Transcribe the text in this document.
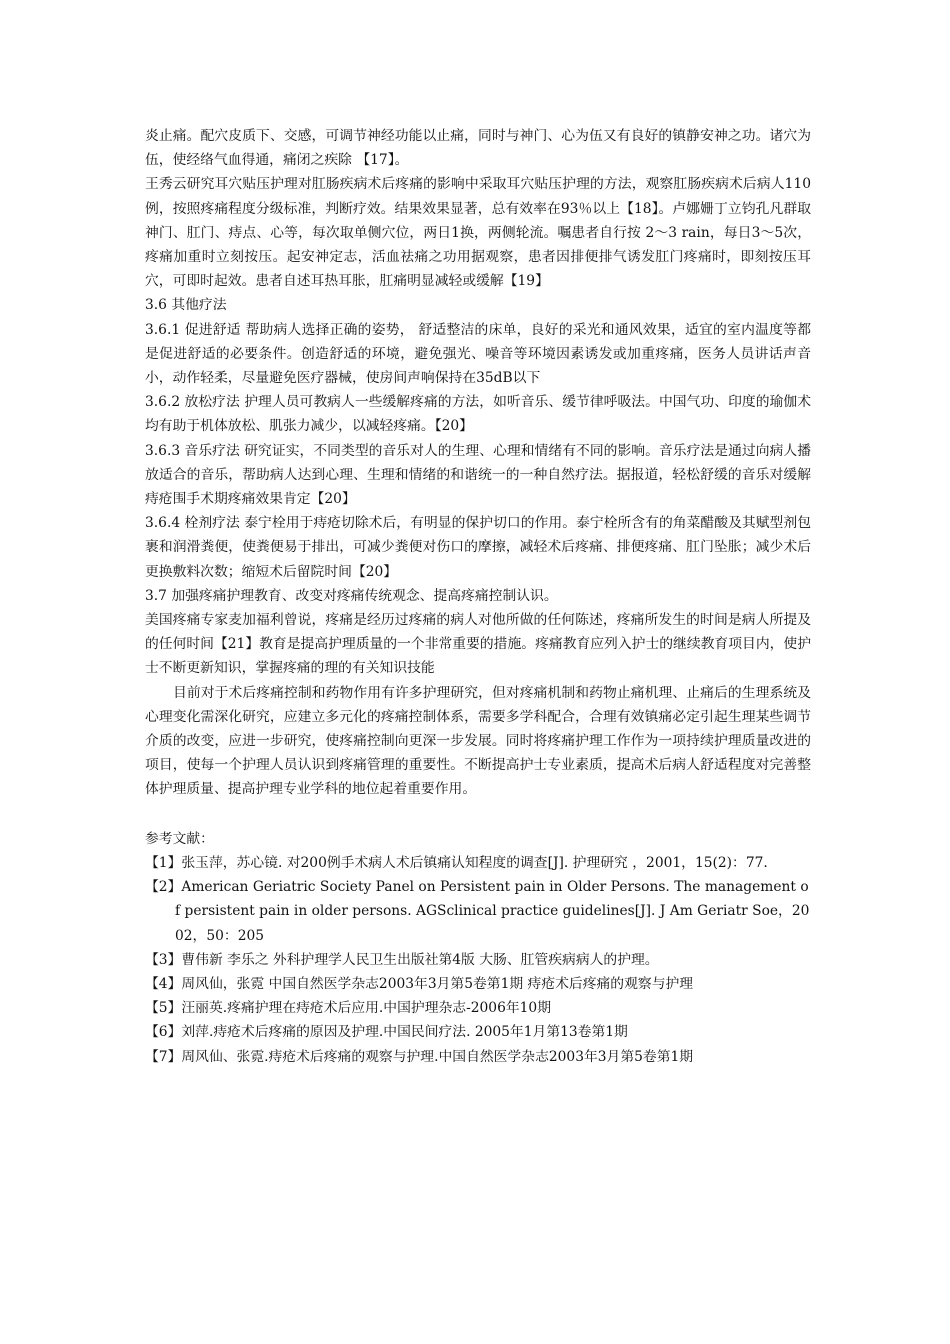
炎止痛。配穴皮质下、交感，可调节神经功能以止痛，同时与神门、心为伍又有良好的镇静安神之功。诸穴为伍，使经络气血得通，痛闭之疾除 【17】。

王秀云研究耳穴贴压护理对肛肠疾病术后疼痛的影响中采取耳穴贴压护理的方法，观察肛肠疾病术后病人110例，按照疼痛程度分级标准，判断疗效。结果效果显著，总有效率在93％以上【18】。卢娜姗丁立钧孔凡群取神门、肛门、痔点、心等，每次取单侧穴位，两日1换，两侧轮流。嘱患者自行按 2～3 rain，每日3～5次，疼痛加重时立刻按压。起安神定志，活血祛痛之功用据观察，患者因排便排气诱发肛门疼痛时，即刻按压耳穴，可即时起效。患者自述耳热耳胀，肛痛明显减轻或缓解【19】

3.6 其他疗法

3.6.1 促进舒适 帮助病人选择正确的姿势， 舒适整洁的床单，良好的采光和通风效果，适宜的室内温度等都是促进舒适的必要条件。创造舒适的环境，避免强光、噪音等环境因素诱发或加重疼痛，医务人员讲话声音小，动作轻柔，尽量避免医疗器械，使房间声响保持在35dB以下

3.6.2 放松疗法 护理人员可教病人一些缓解疼痛的方法，如听音乐、缓节律呼吸法。中国气功、印度的瑜伽术均有助于机体放松、肌张力减少，以减轻疼痛。【20】

3.6.3 音乐疗法 研究证实，不同类型的音乐对人的生理、心理和情绪有不同的影响。音乐疗法是通过向病人播放适合的音乐，帮助病人达到心理、生理和情绪的和谐统一的一种自然疗法。据报道，轻松舒缓的音乐对缓解痔疮围手术期疼痛效果肯定【20】

3.6.4 栓剂疗法 泰宁栓用于痔疮切除术后，有明显的保护切口的作用。泰宁栓所含有的角菜醋酸及其赋型剂包裹和润滑粪便，使粪便易于排出，可减少粪便对伤口的摩擦，减轻术后疼痛、排便疼痛、肛门坠胀；减少术后更换敷料次数；缩短术后留院时间【20】

3.7 加强疼痛护理教育、改变对疼痛传统观念、提高疼痛控制认识。

美国疼痛专家麦加福利曾说，疼痛是经历过疼痛的病人对他所做的任何陈述，疼痛所发生的时间是病人所提及的任何时间【21】教育是提高护理质量的一个非常重要的措施。疼痛教育应列入护士的继续教育项目内，使护士不断更新知识，掌握疼痛的理的有关知识技能

目前对于术后疼痛控制和药物作用有许多护理研究，但对疼痛机制和药物止痛机理、止痛后的生理系统及心理变化需深化研究，应建立多元化的疼痛控制体系，需要多学科配合，合理有效镇痛必定引起生理某些调节介质的改变，应进一步研究，使疼痛控制向更深一步发展。同时将疼痛护理工作作为一项持续护理质量改进的项目，使每一个护理人员认识到疼痛管理的重要性。不断提高护士专业素质，提高术后病人舒适程度对完善整体护理质量、提高护理专业学科的地位起着重要作用。

参考文献：

【1】张玉萍，苏心镜. 对200例手术病人术后镇痛认知程度的调查[J]. 护理研究 ，2001，15(2)：77.

【2】American Geriatric Society Panel on Persistent pain in Older Persons. The management of persistent pain in older persons. AGSclinical practice guidelines[J]. J Am Geriatr Soe，2002，50：205

【3】曹伟新 李乐之 外科护理学人民卫生出版社第4版 大肠、肛管疾病病人的护理。

【4】周风仙，张霓 中国自然医学杂志2003年3月第5卷第1期 痔疮术后疼痛的观察与护理

【5】汪丽英.疼痛护理在痔疮术后应用.中国护理杂志-2006年10期

【6】刘萍.痔疮术后疼痛的原因及护理.中国民间疗法. 2005年1月第13卷第1期

【7】周风仙、张霓.痔疮术后疼痛的观察与护理.中国自然医学杂志2003年3月第5卷第1期
